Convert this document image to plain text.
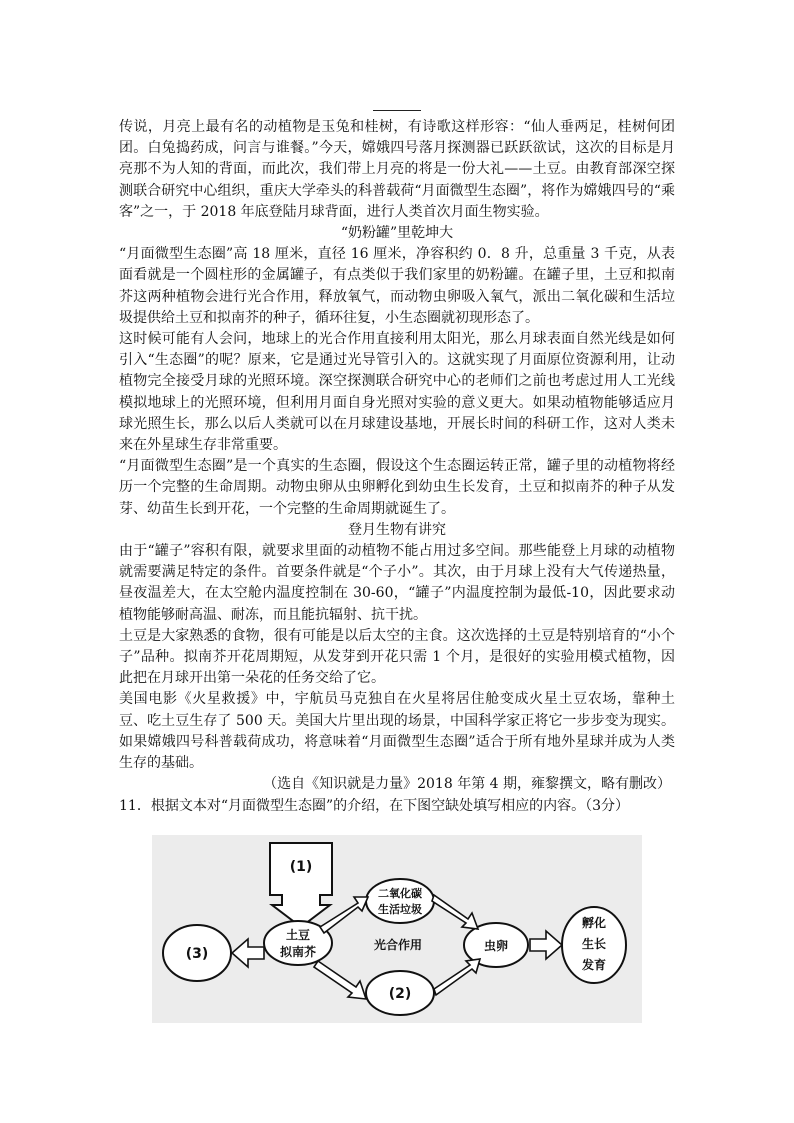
传说，月亮上最有名的动植物是玉兔和桂树，有诗歌这样形容：“仙人垂两足，桂树何团团。白兔捣药成，问言与谁餐。”今天，嫦娥四号落月探测器已跃跃欲试，这次的目标是月亮那不为人知的背面，而此次，我们带上月亮的将是一份大礼——土豆。由教育部深空探测联合研究中心组织，重庆大学牵头的科普载荷“月面微型生态圈”，将作为嫦娥四号的“乘客”之一，于 2018 年底登陆月球背面，进行人类首次月面生物实验。

“奶粉罐”里乾坤大

“月面微型生态圈”高 18 厘米，直径 16 厘米，净容积约 0．8 升，总重量 3 千克，从表面看就是一个圆柱形的金属罐子，有点类似于我们家里的奶粉罐。在罐子里，土豆和拟南芥这两种植物会进行光合作用，释放氧气，而动物虫卵吸入氧气，派出二氧化碳和生活垃圾提供给土豆和拟南芥的种子，循环往复，小生态圈就初现形态了。

这时候可能有人会问，地球上的光合作用直接利用太阳光，那么月球表面自然光线是如何引入“生态圈”的呢？原来，它是通过光导管引入的。这就实现了月面原位资源利用，让动植物完全接受月球的光照环境。深空探测联合研究中心的老师们之前也考虑过用人工光线模拟地球上的光照环境，但利用月面自身光照对实验的意义更大。如果动植物能够适应月球光照生长，那么以后人类就可以在月球建设基地，开展长时间的科研工作，这对人类未来在外星球生存非常重要。

“月面微型生态圈”是一个真实的生态圈，假设这个生态圈运转正常，罐子里的动植物将经历一个完整的生命周期。动物虫卵从虫卵孵化到幼虫生长发育，土豆和拟南芥的种子从发芽、幼苗生长到开花，一个完整的生命周期就诞生了。

登月生物有讲究

由于“罐子”容积有限，就要求里面的动植物不能占用过多空间。那些能登上月球的动植物就需要满足特定的条件。首要条件就是“个子小”。其次，由于月球上没有大气传递热量，昼夜温差大，在太空舱内温度控制在 30-60，“罐子”内温度控制为最低-10，因此要求动植物能够耐高温、耐冻，而且能抗辐射、抗干扰。

土豆是大家熟悉的食物，很有可能是以后太空的主食。这次选择的土豆是特别培育的“小个子”品种。拟南芥开花周期短，从发芽到开花只需 1 个月，是很好的实验用模式植物，因此把在月球开出第一朵花的任务交给了它。

美国电影《火星救援》中，宇航员马克独自在火星将居住舱变成火星土豆农场，靠种土豆、吃土豆生存了 500 天。美国大片里出现的场景，中国科学家正将它一步步变为现实。如果嫦娥四号科普载荷成功，将意味着“月面微型生态圈”适合于所有地外星球并成为人类生存的基础。

（选自《知识就是力量》2018 年第 4 期，雍黎撰文，略有删改）

11．根据文本对“月面微型生态圈”的介绍，在下图空缺处填写相应的内容。（3分）

(1)
土豆
拟南芥
(3)
二氧化碳
生活垃圾
光合作用
(2)
虫卵
孵化
生长
发育
